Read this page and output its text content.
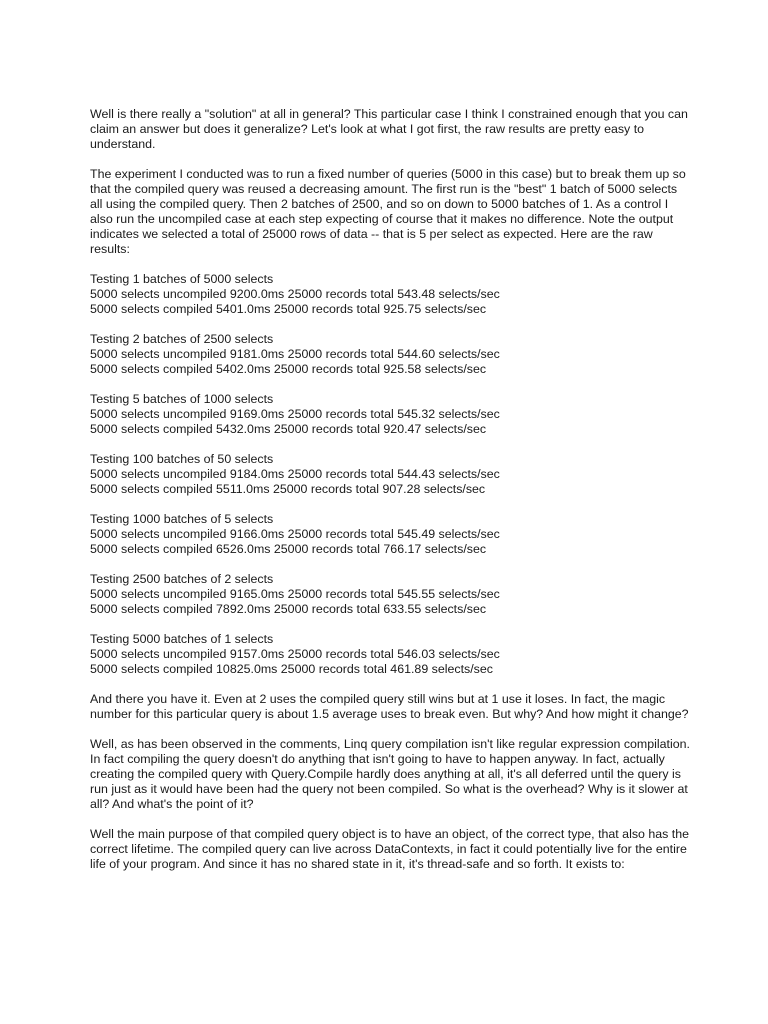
Well is there really a "solution" at all in general? This particular case I think I constrained enough that you can claim an answer but does it generalize? Let's look at what I got first, the raw results are pretty easy to understand.

The experiment I conducted was to run a fixed number of queries (5000 in this case) but to break them up so that the compiled query was reused a decreasing amount. The first run is the "best" 1 batch of 5000 selects all using the compiled query. Then 2 batches of 2500, and so on down to 5000 batches of 1. As a control I also run the uncompiled case at each step expecting of course that it makes no difference. Note the output indicates we selected a total of 25000 rows of data -- that is 5 per select as expected. Here are the raw results:

Testing 1 batches of 5000 selects
5000 selects uncompiled 9200.0ms 25000 records total 543.48 selects/sec
5000 selects compiled 5401.0ms 25000 records total 925.75 selects/sec
Testing 2 batches of 2500 selects
5000 selects uncompiled 9181.0ms 25000 records total 544.60 selects/sec
5000 selects compiled 5402.0ms 25000 records total 925.58 selects/sec
Testing 5 batches of 1000 selects
5000 selects uncompiled 9169.0ms 25000 records total 545.32 selects/sec
5000 selects compiled 5432.0ms 25000 records total 920.47 selects/sec
Testing 100 batches of 50 selects
5000 selects uncompiled 9184.0ms 25000 records total 544.43 selects/sec
5000 selects compiled 5511.0ms 25000 records total 907.28 selects/sec
Testing 1000 batches of 5 selects
5000 selects uncompiled 9166.0ms 25000 records total 545.49 selects/sec
5000 selects compiled 6526.0ms 25000 records total 766.17 selects/sec
Testing 2500 batches of 2 selects
5000 selects uncompiled 9165.0ms 25000 records total 545.55 selects/sec
5000 selects compiled 7892.0ms 25000 records total 633.55 selects/sec
Testing 5000 batches of 1 selects
5000 selects uncompiled 9157.0ms 25000 records total 546.03 selects/sec
5000 selects compiled 10825.0ms 25000 records total 461.89 selects/sec

And there you have it. Even at 2 uses the compiled query still wins but at 1 use it loses. In fact, the magic number for this particular query is about 1.5 average uses to break even. But why? And how might it change?

Well, as has been observed in the comments, Linq query compilation isn't like regular expression compilation. In fact compiling the query doesn't do anything that isn't going to have to happen anyway. In fact, actually creating the compiled query with Query.Compile hardly does anything at all, it's all deferred until the query is run just as it would have been had the query not been compiled. So what is the overhead? Why is it slower at all? And what's the point of it?

Well the main purpose of that compiled query object is to have an object, of the correct type, that also has the correct lifetime. The compiled query can live across DataContexts, in fact it could potentially live for the entire life of your program. And since it has no shared state in it, it's thread-safe and so forth. It exists to:
